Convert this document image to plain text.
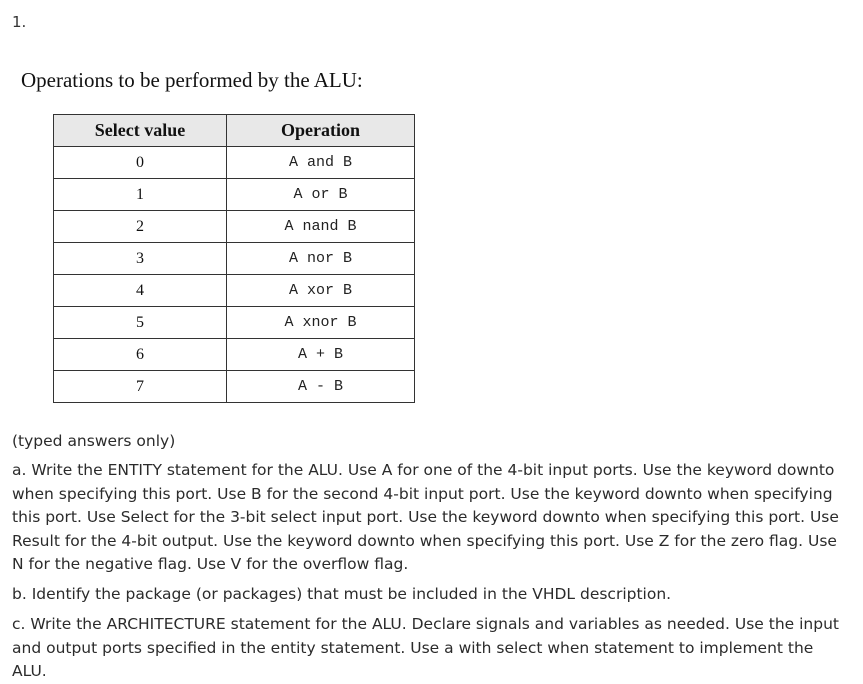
1.
Operations to be performed by the ALU:
Select value	Operation
0	A and B
1	A or B
2	A nand B
3	A nor B
4	A xor B
5	A xnor B
6	A + B
7	A - B
(typed answers only)
a. Write the ENTITY statement for the ALU. Use A for one of the 4-bit input ports. Use the keyword downto when specifying this port. Use B for the second 4-bit input port. Use the keyword downto when specifying this port. Use Select for the 3-bit select input port. Use the keyword downto when specifying this port. Use Result for the 4-bit output. Use the keyword downto when specifying this port. Use Z for the zero flag. Use N for the negative flag. Use V for the overflow flag.
b. Identify the package (or packages) that must be included in the VHDL description.
c. Write the ARCHITECTURE statement for the ALU. Declare signals and variables as needed. Use the input and output ports specified in the entity statement. Use a with select when statement to implement the ALU.
